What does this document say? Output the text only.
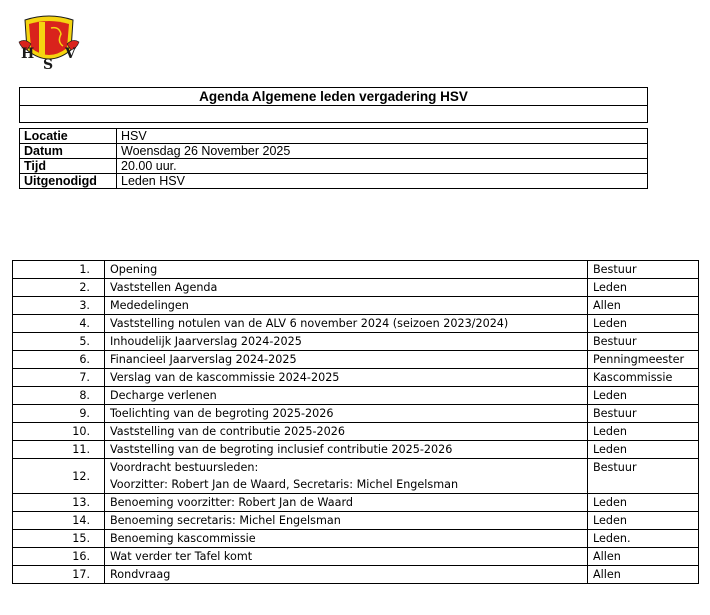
H
S
V
Agenda Algemene leden vergadering HSV
Locatie	HSV
Datum	Woensdag 26 November 2025
Tijd	20.00 uur.
Uitgenodigd	Leden HSV
1.	Opening	Bestuur
2.	Vaststellen Agenda	Leden
3.	Mededelingen	Allen
4.	Vaststelling notulen van de ALV 6 november 2024 (seizoen 2023/2024)	Leden
5.	Inhoudelijk Jaarverslag 2024-2025	Bestuur
6.	Financieel Jaarverslag 2024-2025	Penningmeester
7.	Verslag van de kascommissie 2024-2025	Kascommissie
8.	Decharge verlenen	Leden
9.	Toelichting van de begroting 2025-2026	Bestuur
10.	Vaststelling van de contributie 2025-2026	Leden
11.	Vaststelling van de begroting inclusief contributie 2025-2026	Leden
12.	Voordracht bestuursleden:
Voorzitter: Robert Jan de Waard, Secretaris: Michel Engelsman	Bestuur
13.	Benoeming voorzitter: Robert Jan de Waard	Leden
14.	Benoeming secretaris: Michel Engelsman	Leden
15.	Benoeming kascommissie	Leden.
16.	Wat verder ter Tafel komt	Allen
17.	Rondvraag	Allen
